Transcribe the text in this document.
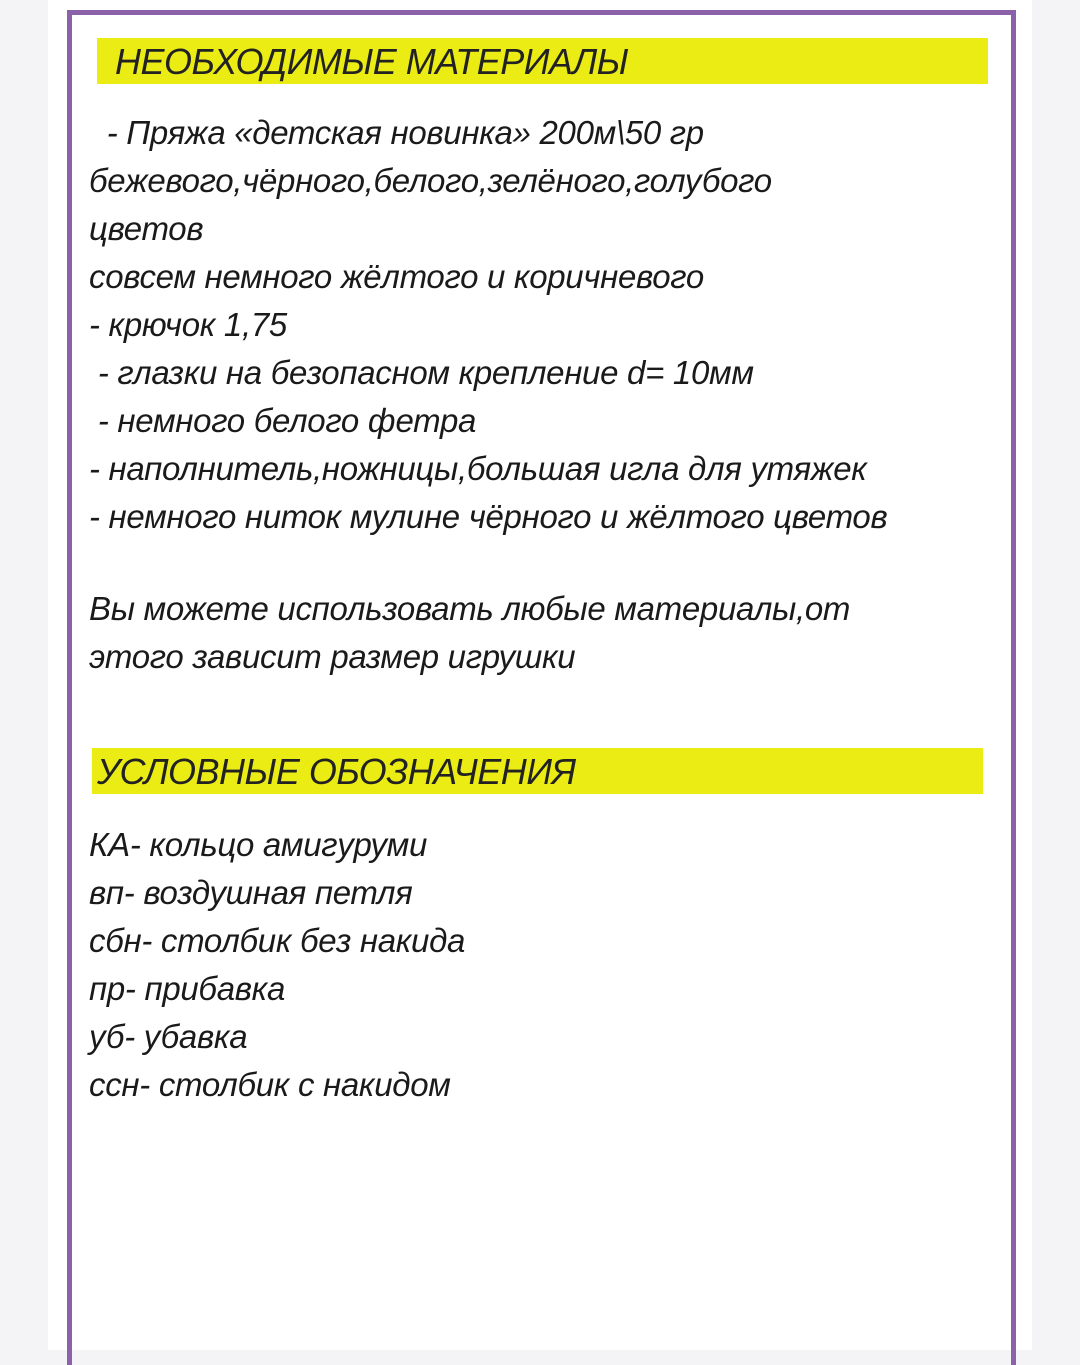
НЕОБХОДИМЫЕ МАТЕРИАЛЫ
- Пряжа «детская новинка» 200м\50 гр
бежевого,чёрного,белого,зелёного,голубого
цветов
совсем немного жёлтого и коричневого
- крючок 1,75
- глазки на безопасном крепление d= 10мм
- немного белого фетра
- наполнитель,ножницы,большая игла для утяжек
- немного ниток мулине чёрного и жёлтого цветов
Вы можете использовать любые материалы,от
этого зависит размер игрушки
УСЛОВНЫЕ ОБОЗНАЧЕНИЯ
КА- кольцо амигуруми
вп- воздушная петля
сбн- столбик без накида
пр- прибавка
уб- убавка
ссн- столбик с накидом
